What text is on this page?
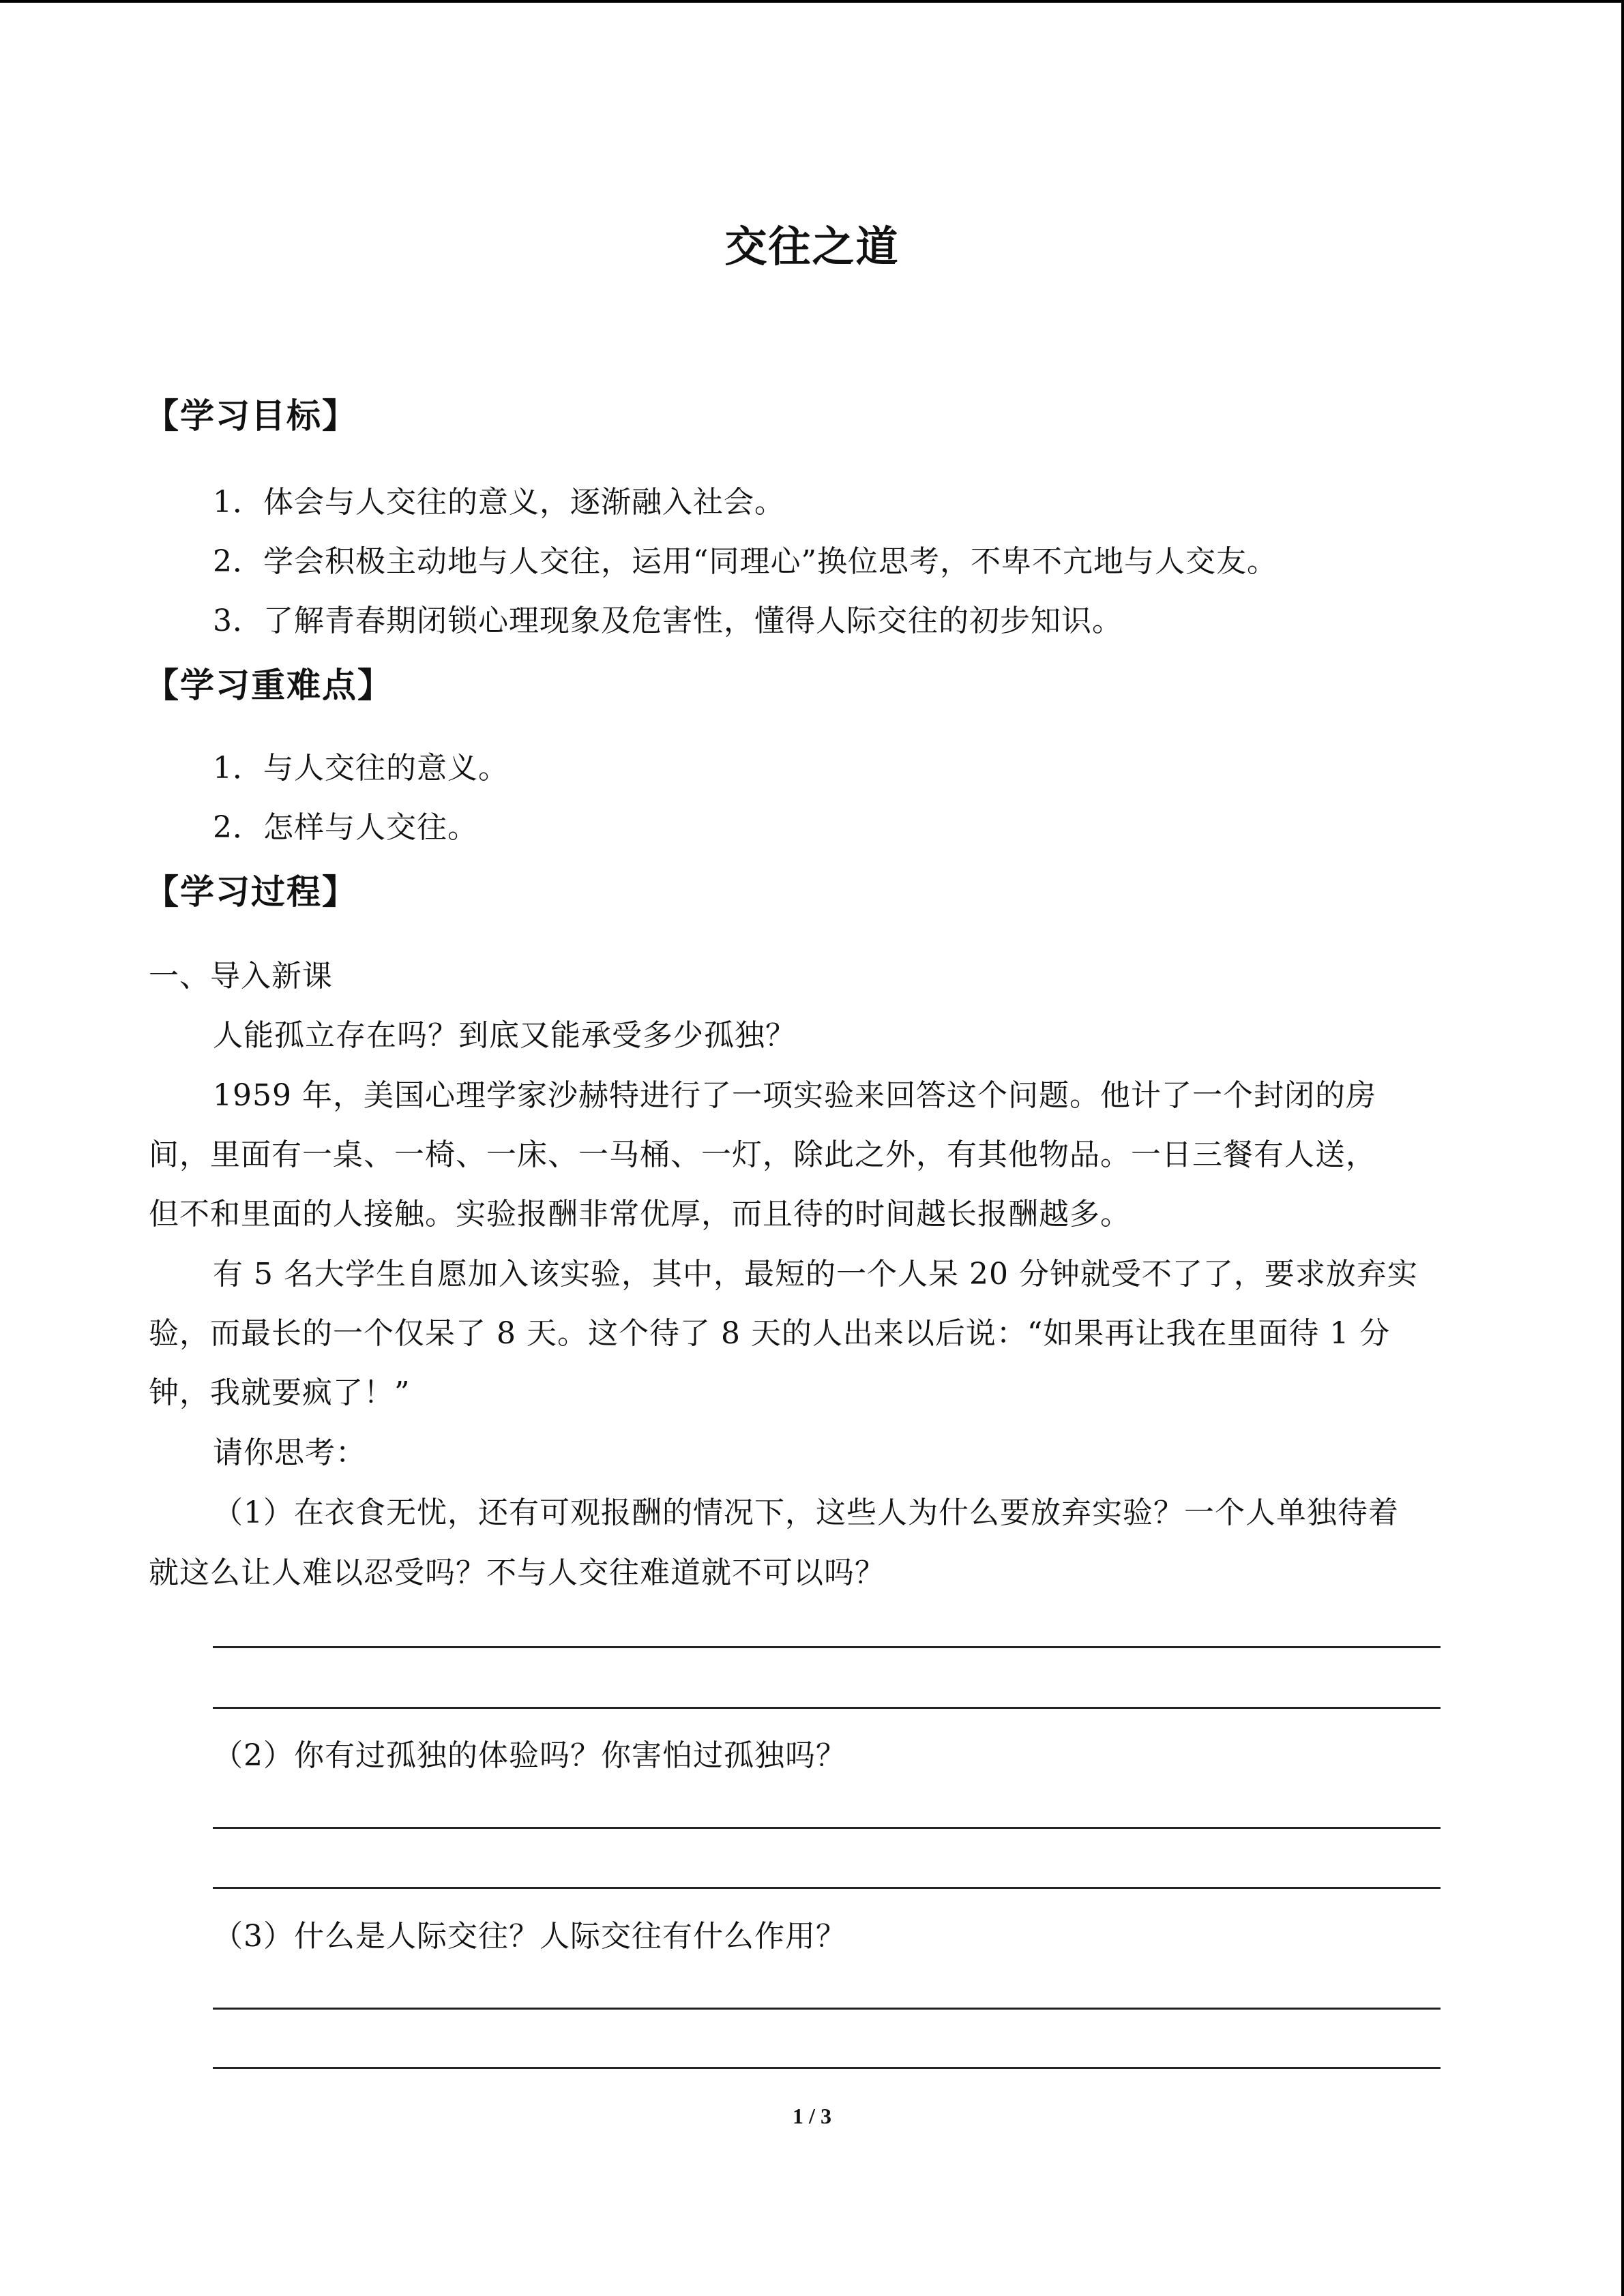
交往之道
【学习目标】
1．体会与人交往的意义，逐渐融入社会。
2．学会积极主动地与人交往，运用“同理心”换位思考，不卑不亢地与人交友。
3．了解青春期闭锁心理现象及危害性，懂得人际交往的初步知识。
【学习重难点】
1．与人交往的意义。
2．怎样与人交往。
【学习过程】
一、导入新课
人能孤立存在吗？到底又能承受多少孤独？
1959 年，美国心理学家沙赫特进行了一项实验来回答这个问题。他计了一个封闭的房
间，里面有一桌、一椅、一床、一马桶、一灯，除此之外，有其他物品。一日三餐有人送，
但不和里面的人接触。实验报酬非常优厚，而且待的时间越长报酬越多。
有 5 名大学生自愿加入该实验，其中，最短的一个人呆 20 分钟就受不了了，要求放弃实
验，而最长的一个仅呆了 8 天。这个待了 8 天的人出来以后说：“如果再让我在里面待 1 分
钟，我就要疯了！”
请你思考：
（1）在衣食无忧，还有可观报酬的情况下，这些人为什么要放弃实验？一个人单独待着
就这么让人难以忍受吗？不与人交往难道就不可以吗？
（2）你有过孤独的体验吗？你害怕过孤独吗？
（3）什么是人际交往？人际交往有什么作用？
1 / 3
